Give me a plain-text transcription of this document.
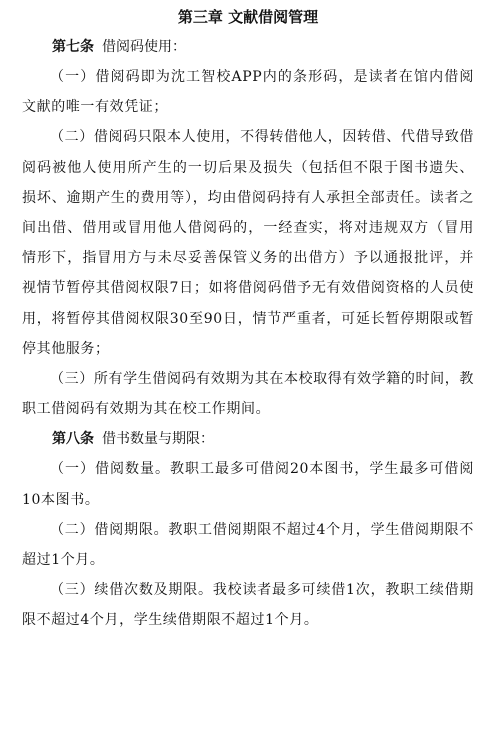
第三章 文献借阅管理

第七条 借阅码使用：

（一）借阅码即为沈工智校APP内的条形码，是读者在馆内借阅文献的唯一有效凭证；

（二）借阅码只限本人使用，不得转借他人，因转借、代借导致借阅码被他人使用所产生的一切后果及损失（包括但不限于图书遗失、损坏、逾期产生的费用等），均由借阅码持有人承担全部责任。读者之间出借、借用或冒用他人借阅码的，一经查实，将对违规双方（冒用情形下，指冒用方与未尽妥善保管义务的出借方）予以通报批评，并视情节暂停其借阅权限7日；如将借阅码借予无有效借阅资格的人员使用，将暂停其借阅权限30至90日，情节严重者，可延长暂停期限或暂停其他服务；

（三）所有学生借阅码有效期为其在本校取得有效学籍的时间，教职工借阅码有效期为其在校工作期间。

第八条 借书数量与期限：

（一）借阅数量。教职工最多可借阅20本图书，学生最多可借阅10本图书。

（二）借阅期限。教职工借阅期限不超过4个月，学生借阅期限不超过1个月。

（三）续借次数及期限。我校读者最多可续借1次，教职工续借期限不超过4个月，学生续借期限不超过1个月。
